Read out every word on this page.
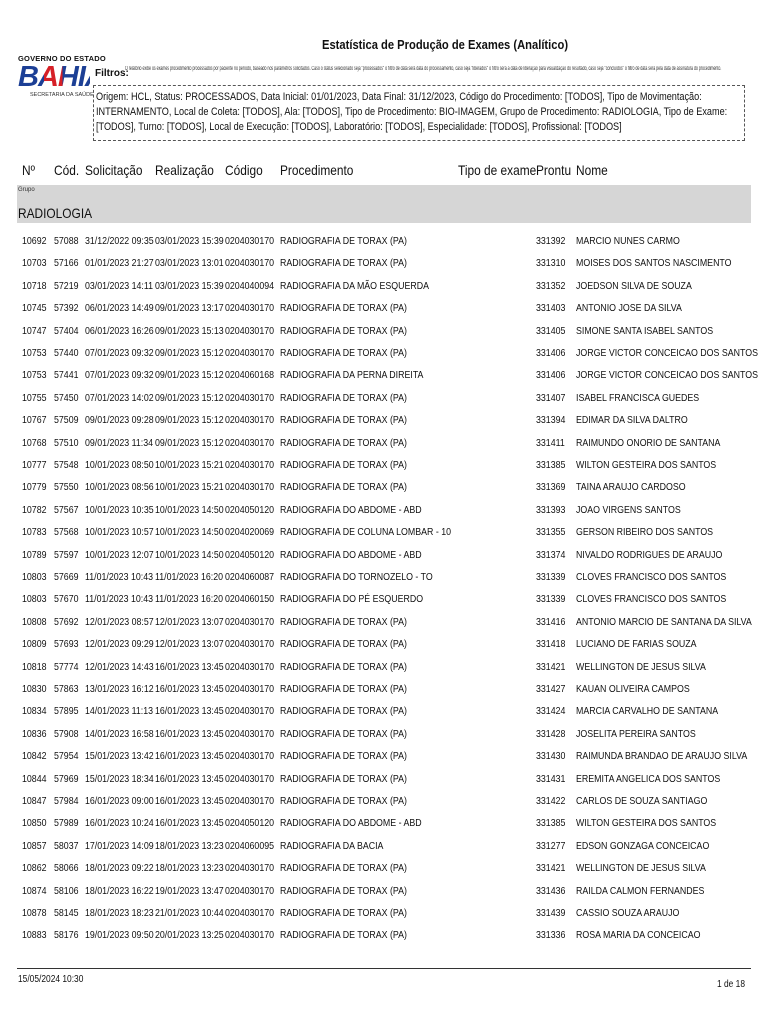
GOVERNO DO ESTADO
BAHIA
SECRETARIA DA SAÚDE
Estatística de Produção de Exames (Analítico)
Filtros:
O relatório exibe os exames procedimento processados por paciente no período, baseado nos parâmetros solicitados. Caso o status selecionado seja "processados" o filtro de data será data do processamento, caso seja "liberados" o filtro será a data de liberação para visualização do resultado, caso seja "concluídos" o filtro de data será pela data de assinatura do procedimento.
Origem: HCL, Status: PROCESSADOS, Data Inicial: 01/01/2023, Data Final: 31/12/2023, Código do Procedimento: [TODOS], Tipo de Movimentação: INTERNAMENTO, Local de Coleta: [TODOS], Ala: [TODOS], Tipo de Procedimento: BIO-IMAGEM, Grupo de Procedimento: RADIOLOGIA, Tipo de Exame: [TODOS], Turno: [TODOS], Local de Execução: [TODOS], Laboratório: [TODOS], Especialidade: [TODOS], Profissional: [TODOS]
Nº Cód. Solicitação Realização Código Procedimento	Tipo de exame Prontu Nome
Grupo
RADIOLOGIA
10692 57088 31/12/2022 09:35 03/01/2023 15:39 0204030170 RADIOGRAFIA DE TORAX (PA)	331392 MARCIO NUNES CARMO
10703 57166 01/01/2023 21:27 03/01/2023 13:01 0204030170 RADIOGRAFIA DE TORAX (PA)	331310 MOISES DOS SANTOS NASCIMENTO
10718 57219 03/01/2023 14:11 03/01/2023 15:39 0204040094 RADIOGRAFIA DA MÃO ESQUERDA	331352 JOEDSON SILVA DE SOUZA
10745 57392 06/01/2023 14:49 09/01/2023 13:17 0204030170 RADIOGRAFIA DE TORAX (PA)	331403 ANTONIO JOSE DA SILVA
10747 57404 06/01/2023 16:26 09/01/2023 15:13 0204030170 RADIOGRAFIA DE TORAX (PA)	331405 SIMONE SANTA ISABEL SANTOS
10753 57440 07/01/2023 09:32 09/01/2023 15:12 0204030170 RADIOGRAFIA DE TORAX (PA)	331406 JORGE VICTOR CONCEICAO DOS SANTOS
10753 57441 07/01/2023 09:32 09/01/2023 15:12 0204060168 RADIOGRAFIA DA PERNA DIREITA	331406 JORGE VICTOR CONCEICAO DOS SANTOS
10755 57450 07/01/2023 14:02 09/01/2023 15:12 0204030170 RADIOGRAFIA DE TORAX (PA)	331407 ISABEL FRANCISCA GUEDES
10767 57509 09/01/2023 09:28 09/01/2023 15:12 0204030170 RADIOGRAFIA DE TORAX (PA)	331394 EDIMAR DA SILVA DALTRO
10768 57510 09/01/2023 11:34 09/01/2023 15:12 0204030170 RADIOGRAFIA DE TORAX (PA)	331411 RAIMUNDO ONORIO DE SANTANA
10777 57548 10/01/2023 08:50 10/01/2023 15:21 0204030170 RADIOGRAFIA DE TORAX (PA)	331385 WILTON GESTEIRA DOS SANTOS
10779 57550 10/01/2023 08:56 10/01/2023 15:21 0204030170 RADIOGRAFIA DE TORAX (PA)	331369 TAINA ARAUJO CARDOSO
10782 57567 10/01/2023 10:35 10/01/2023 14:50 0204050120 RADIOGRAFIA DO ABDOME - ABD	331393 JOAO VIRGENS SANTOS
10783 57568 10/01/2023 10:57 10/01/2023 14:50 0204020069 RADIOGRAFIA DE COLUNA LOMBAR - 10	331355 GERSON RIBEIRO DOS SANTOS
10789 57597 10/01/2023 12:07 10/01/2023 14:50 0204050120 RADIOGRAFIA DO ABDOME - ABD	331374 NIVALDO RODRIGUES DE ARAUJO
10803 57669 11/01/2023 10:43 11/01/2023 16:20 0204060087 RADIOGRAFIA DO TORNOZELO - TO	331339 CLOVES FRANCISCO DOS SANTOS
10803 57670 11/01/2023 10:43 11/01/2023 16:20 0204060150 RADIOGRAFIA DO PÉ ESQUERDO	331339 CLOVES FRANCISCO DOS SANTOS
10808 57692 12/01/2023 08:57 12/01/2023 13:07 0204030170 RADIOGRAFIA DE TORAX (PA)	331416 ANTONIO MARCIO DE SANTANA DA SILVA
10809 57693 12/01/2023 09:29 12/01/2023 13:07 0204030170 RADIOGRAFIA DE TORAX (PA)	331418 LUCIANO DE FARIAS SOUZA
10818 57774 12/01/2023 14:43 16/01/2023 13:45 0204030170 RADIOGRAFIA DE TORAX (PA)	331421 WELLINGTON DE JESUS SILVA
10830 57863 13/01/2023 16:12 16/01/2023 13:45 0204030170 RADIOGRAFIA DE TORAX (PA)	331427 KAUAN OLIVEIRA CAMPOS
10834 57895 14/01/2023 11:13 16/01/2023 13:45 0204030170 RADIOGRAFIA DE TORAX (PA)	331424 MARCIA CARVALHO DE SANTANA
10836 57908 14/01/2023 16:58 16/01/2023 13:45 0204030170 RADIOGRAFIA DE TORAX (PA)	331428 JOSELITA PEREIRA SANTOS
10842 57954 15/01/2023 13:42 16/01/2023 13:45 0204030170 RADIOGRAFIA DE TORAX (PA)	331430 RAIMUNDA BRANDAO DE ARAUJO SILVA
10844 57969 15/01/2023 18:34 16/01/2023 13:45 0204030170 RADIOGRAFIA DE TORAX (PA)	331431 EREMITA ANGELICA DOS SANTOS
10847 57984 16/01/2023 09:00 16/01/2023 13:45 0204030170 RADIOGRAFIA DE TORAX (PA)	331422 CARLOS DE SOUZA SANTIAGO
10850 57989 16/01/2023 10:24 16/01/2023 13:45 0204050120 RADIOGRAFIA DO ABDOME - ABD	331385 WILTON GESTEIRA DOS SANTOS
10857 58037 17/01/2023 14:09 18/01/2023 13:23 0204060095 RADIOGRAFIA DA BACIA	331277 EDSON GONZAGA CONCEICAO
10862 58066 18/01/2023 09:22 18/01/2023 13:23 0204030170 RADIOGRAFIA DE TORAX (PA)	331421 WELLINGTON DE JESUS SILVA
10874 58106 18/01/2023 16:22 19/01/2023 13:47 0204030170 RADIOGRAFIA DE TORAX (PA)	331436 RAILDA CALMON FERNANDES
10878 58145 18/01/2023 18:23 21/01/2023 10:44 0204030170 RADIOGRAFIA DE TORAX (PA)	331439 CASSIO SOUZA ARAUJO
10883 58176 19/01/2023 09:50 20/01/2023 13:25 0204030170 RADIOGRAFIA DE TORAX (PA)	331336 ROSA MARIA DA CONCEICAO
15/05/2024 10:30	1 de 18
